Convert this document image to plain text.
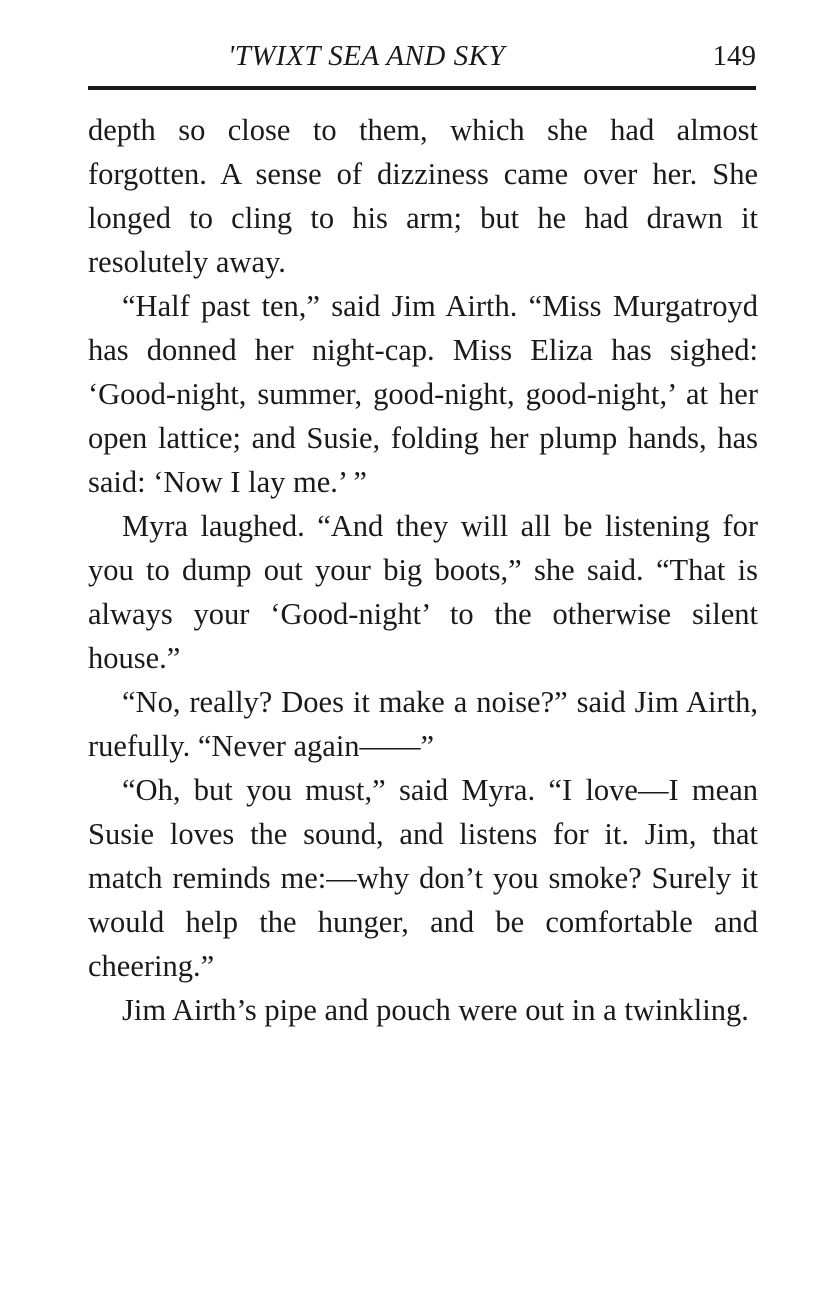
'TWIXT SEA AND SKY	149

depth so close to them, which she had almost forgotten. A sense of dizziness came over her. She longed to cling to his arm; but he had drawn it resolutely away.

“Half past ten,” said Jim Airth. “Miss Murgatroyd has donned her night-cap. Miss Eliza has sighed: ‘Good-night, summer, good-night, good-night,’ at her open lattice; and Susie, folding her plump hands, has said: ‘Now I lay me.’ ”

Myra laughed. “And they will all be listening for you to dump out your big boots,” she said. “That is always your ‘Good-night’ to the otherwise silent house.”

“No, really? Does it make a noise?” said Jim Airth, ruefully. “Never again——”

“Oh, but you must,” said Myra. “I love—I mean Susie loves the sound, and listens for it. Jim, that match reminds me:—why don’t you smoke? Surely it would help the hunger, and be comfortable and cheering.”

Jim Airth’s pipe and pouch were out in a twinkling.
